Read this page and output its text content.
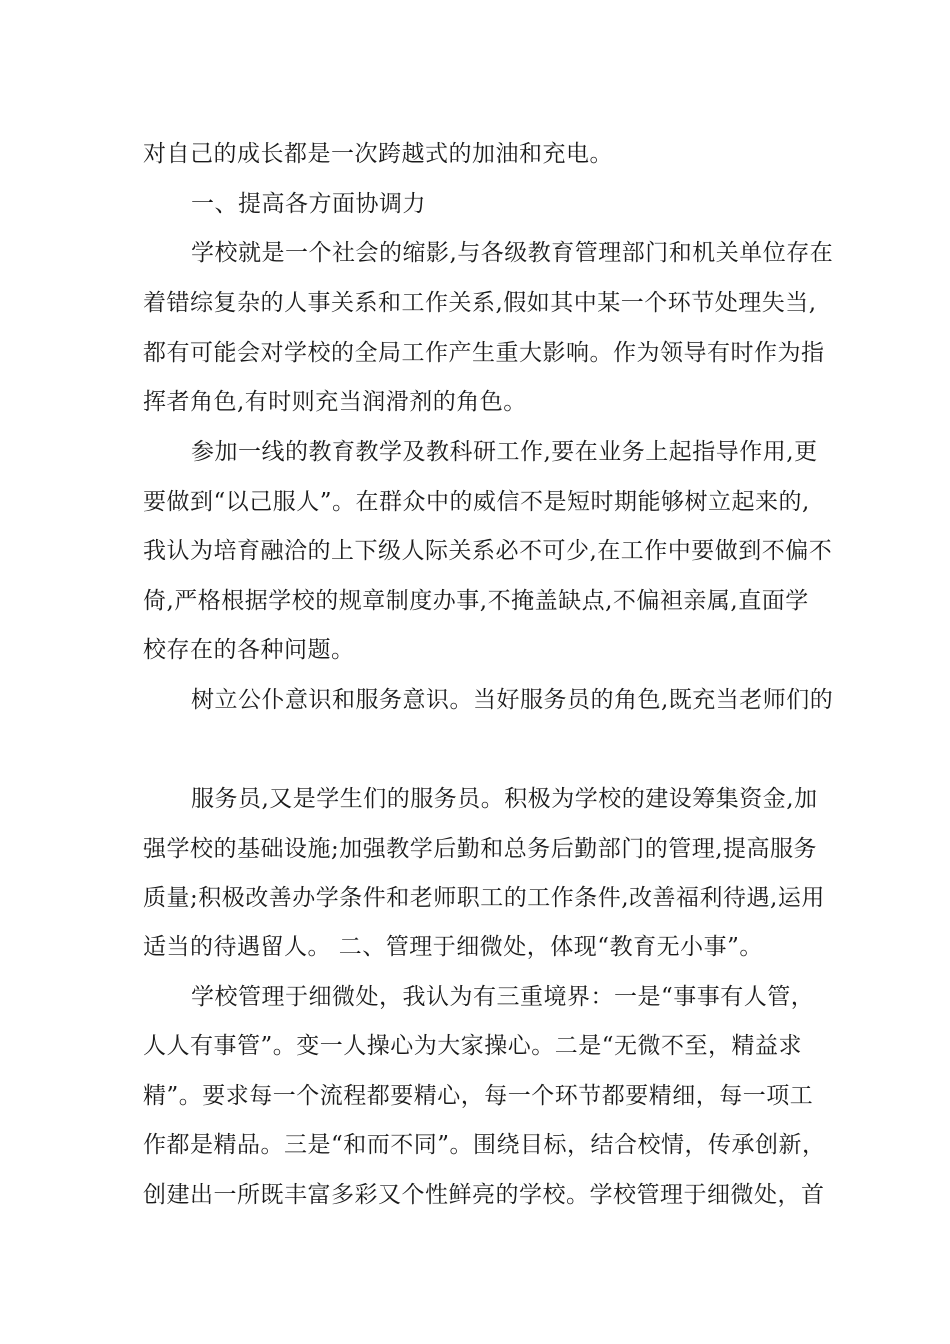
对自己的成长都是一次跨越式的加油和充电。
一、提高各方面协调力
学校就是一个社会的缩影,与各级教育管理部门和机关单位存在
着错综复杂的人事关系和工作关系,假如其中某一个环节处理失当,
都有可能会对学校的全局工作产生重大影响。作为领导有时作为指
挥者角色,有时则充当润滑剂的角色。
参加一线的教育教学及教科研工作,要在业务上起指导作用,更
要做到“以己服人”。在群众中的威信不是短时期能够树立起来的,
我认为培育融洽的上下级人际关系必不可少,在工作中要做到不偏不
倚,严格根据学校的规章制度办事,不掩盖缺点,不偏袒亲属,直面学
校存在的各种问题。
树立公仆意识和服务意识。当好服务员的角色,既充当老师们的
服务员,又是学生们的服务员。积极为学校的建设筹集资金,加
强学校的基础设施;加强教学后勤和总务后勤部门的管理,提高服务
质量;积极改善办学条件和老师职工的工作条件,改善福利待遇,运用
适当的待遇留人。 二、管理于细微处，体现“教育无小事”。
学校管理于细微处，我认为有三重境界：一是“事事有人管，
人人有事管”。变一人操心为大家操心。二是“无微不至，精益求
精”。要求每一个流程都要精心，每一个环节都要精细，每一项工
作都是精品。三是“和而不同”。围绕目标，结合校情，传承创新，
创建出一所既丰富多彩又个性鲜亮的学校。学校管理于细微处，首
